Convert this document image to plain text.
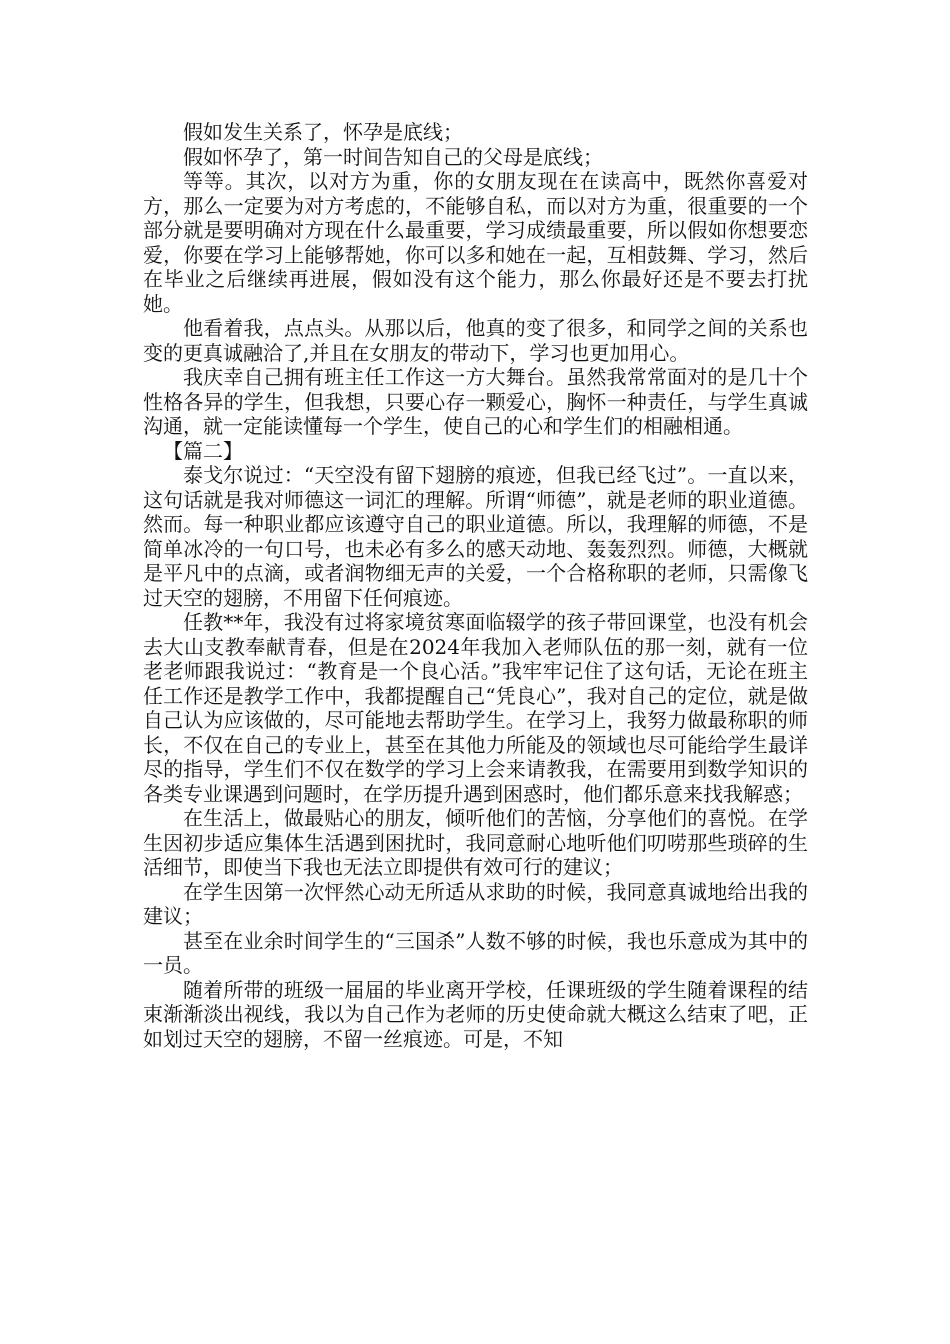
假如发生关系了，怀孕是底线；

假如怀孕了，第一时间告知自己的父母是底线；

等等。其次，以对方为重，你的女朋友现在在读高中，既然你喜爱对方，那么一定要为对方考虑的，不能够自私，而以对方为重，很重要的一个部分就是要明确对方现在什么最重要，学习成绩最重要，所以假如你想要恋爱，你要在学习上能够帮她，你可以多和她在一起，互相鼓舞、学习，然后在毕业之后继续再进展，假如没有这个能力，那么你最好还是不要去打扰她。

他看着我，点点头。从那以后，他真的变了很多，和同学之间的关系也变的更真诚融洽了,并且在女朋友的带动下，学习也更加用心。

我庆幸自己拥有班主任工作这一方大舞台。虽然我常常面对的是几十个性格各异的学生，但我想，只要心存一颗爱心，胸怀一种责任，与学生真诚沟通，就一定能读懂每一个学生，使自己的心和学生们的相融相通。

【篇二】

泰戈尔说过：“天空没有留下翅膀的痕迹，但我已经飞过”。一直以来，这句话就是我对师德这一词汇的理解。所谓“师德”，就是老师的职业道德。然而。每一种职业都应该遵守自己的职业道德。所以，我理解的师德，不是简单冰冷的一句口号，也未必有多么的感天动地、轰轰烈烈。师德，大概就是平凡中的点滴，或者润物细无声的关爱，一个合格称职的老师，只需像飞过天空的翅膀，不用留下任何痕迹。

任教**年，我没有过将家境贫寒面临辍学的孩子带回课堂，也没有机会去大山支教奉献青春，但是在2024年我加入老师队伍的那一刻，就有一位老老师跟我说过：“教育是一个良心活。”我牢牢记住了这句话，无论在班主任工作还是教学工作中，我都提醒自己“凭良心”，我对自己的定位，就是做自己认为应该做的，尽可能地去帮助学生。在学习上，我努力做最称职的师长，不仅在自己的专业上，甚至在其他力所能及的领域也尽可能给学生最详尽的指导，学生们不仅在数学的学习上会来请教我，在需要用到数学知识的各类专业课遇到问题时，在学历提升遇到困惑时，他们都乐意来找我解惑；

在生活上，做最贴心的朋友，倾听他们的苦恼，分享他们的喜悦。在学生因初步适应集体生活遇到困扰时，我同意耐心地听他们叨唠那些琐碎的生活细节，即使当下我也无法立即提供有效可行的建议；

在学生因第一次怦然心动无所适从求助的时候，我同意真诚地给出我的建议；

甚至在业余时间学生的“三国杀”人数不够的时候，我也乐意成为其中的一员。

随着所带的班级一届届的毕业离开学校，任课班级的学生随着课程的结束渐渐淡出视线，我以为自己作为老师的历史使命就大概这么结束了吧，正如划过天空的翅膀，不留一丝痕迹。可是，不知
